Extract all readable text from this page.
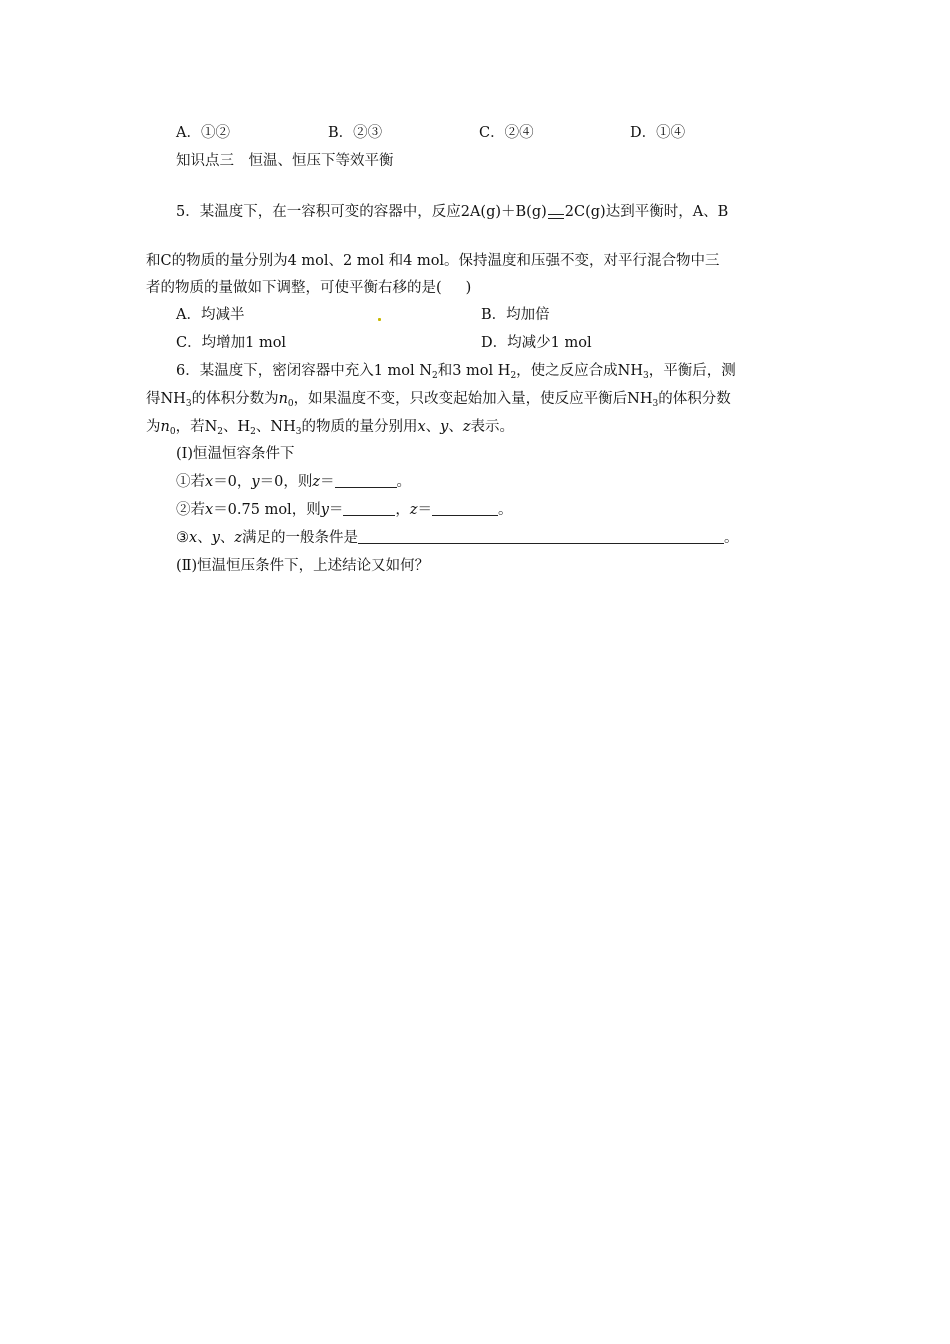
A．①②	B．②③	C．②④	D．①④
知识点三　恒温、恒压下等效平衡
5．某温度下，在一容积可变的容器中，反应2A(g)＋B(g) 2C(g)达到平衡时，A、B
和C的物质的量分别为4 mol、2 mol 和4 mol。保持温度和压强不变，对平行混合物中三
者的物质的量做如下调整，可使平衡右移的是( )
A．均减半	B．均加倍
C．均增加1 mol	D．均减少1 mol
6．某温度下，密闭容器中充入1 mol $N_2$和3 mol $H_2$，使之反应合成$NH_3$，平衡后，测
得$NH_3$的体积分数为$n_0$，如果温度不变，只改变起始加入量，使反应平衡后$NH_3$的体积分数
为$n_0$，若$N_2$、$H_2$、$NH_3$的物质的量分别用x、y、z表示。
(Ⅰ)恒温恒容条件下
①若x＝0，y＝0，则z＝	。
②若x＝0.75 mol，则y＝	，z＝	。
③x、y、z满足的一般条件是	。
(Ⅱ)恒温恒压条件下，上述结论又如何？
